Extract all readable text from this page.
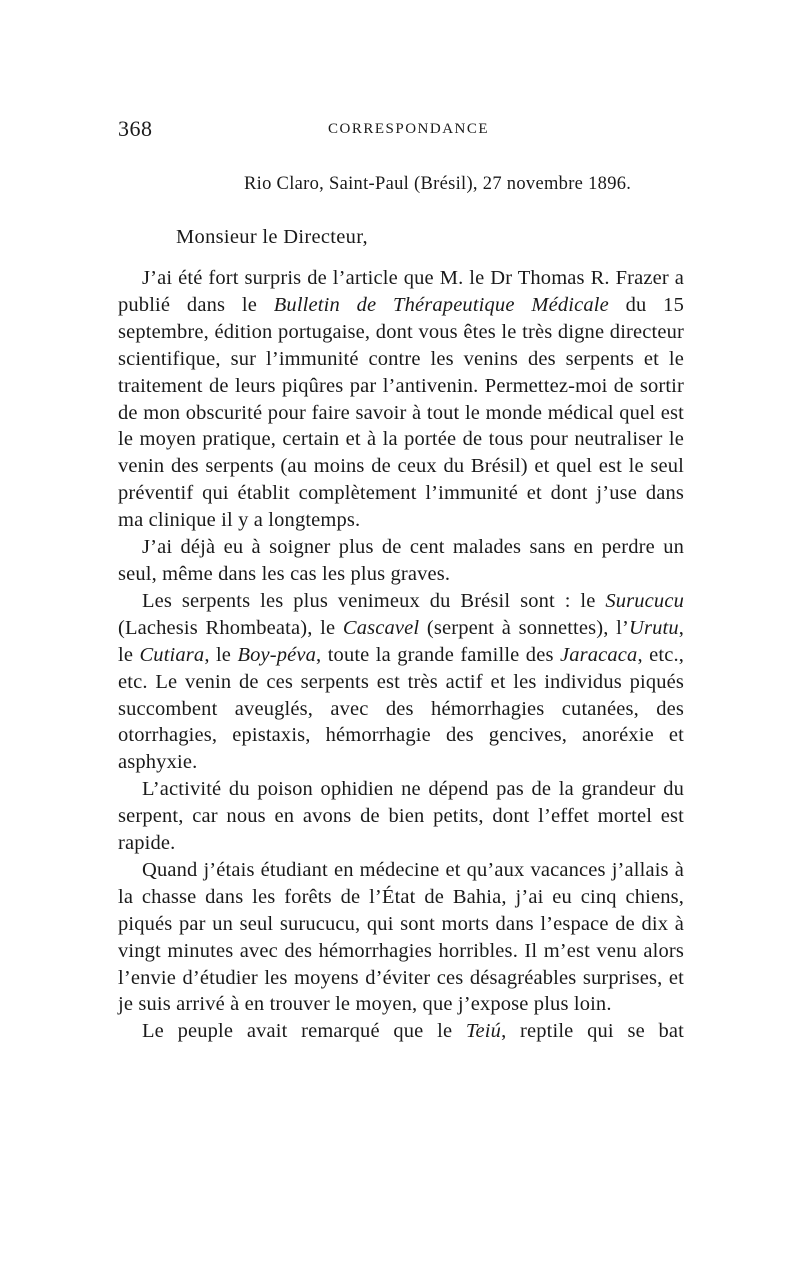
368	CORRESPONDANCE
Rio Claro, Saint-Paul (Brésil), 27 novembre 1896.
Monsieur le Directeur,

J’ai été fort surpris de l’article que M. le Dr Thomas R. Frazer a publié dans le Bulletin de Thérapeutique Médicale du 15 septembre, édition portugaise, dont vous êtes le très digne directeur scientifique, sur l’immunité contre les venins des serpents et le traitement de leurs piqûres par l’antivenin. Permettez-moi de sortir de mon obscurité pour faire savoir à tout le monde médical quel est le moyen pratique, certain et à la portée de tous pour neutraliser le venin des serpents (au moins de ceux du Brésil) et quel est le seul préventif qui établit complètement l’immunité et dont j’use dans ma clinique il y a longtemps.

J’ai déjà eu à soigner plus de cent malades sans en perdre un seul, même dans les cas les plus graves.

Les serpents les plus venimeux du Brésil sont : le Surucucu (Lachesis Rhombeata), le Cascavel (serpent à sonnettes), l’Urutu, le Cutiara, le Boy-péva, toute la grande famille des Jaracaca, etc., etc. Le venin de ces serpents est très actif et les individus piqués succombent aveuglés, avec des hémorrhagies cutanées, des otorrhagies, epistaxis, hémorrhagie des gencives, anoréxie et asphyxie.

L’activité du poison ophidien ne dépend pas de la grandeur du serpent, car nous en avons de bien petits, dont l’effet mortel est rapide.

Quand j’étais étudiant en médecine et qu’aux vacances j’allais à la chasse dans les forêts de l’État de Bahia, j’ai eu cinq chiens, piqués par un seul surucucu, qui sont morts dans l’espace de dix à vingt minutes avec des hémorrhagies horribles. Il m’est venu alors l’envie d’étudier les moyens d’éviter ces désagréables surprises, et je suis arrivé à en trouver le moyen, que j’expose plus loin.

Le peuple avait remarqué que le Teiú, reptile qui se bat
